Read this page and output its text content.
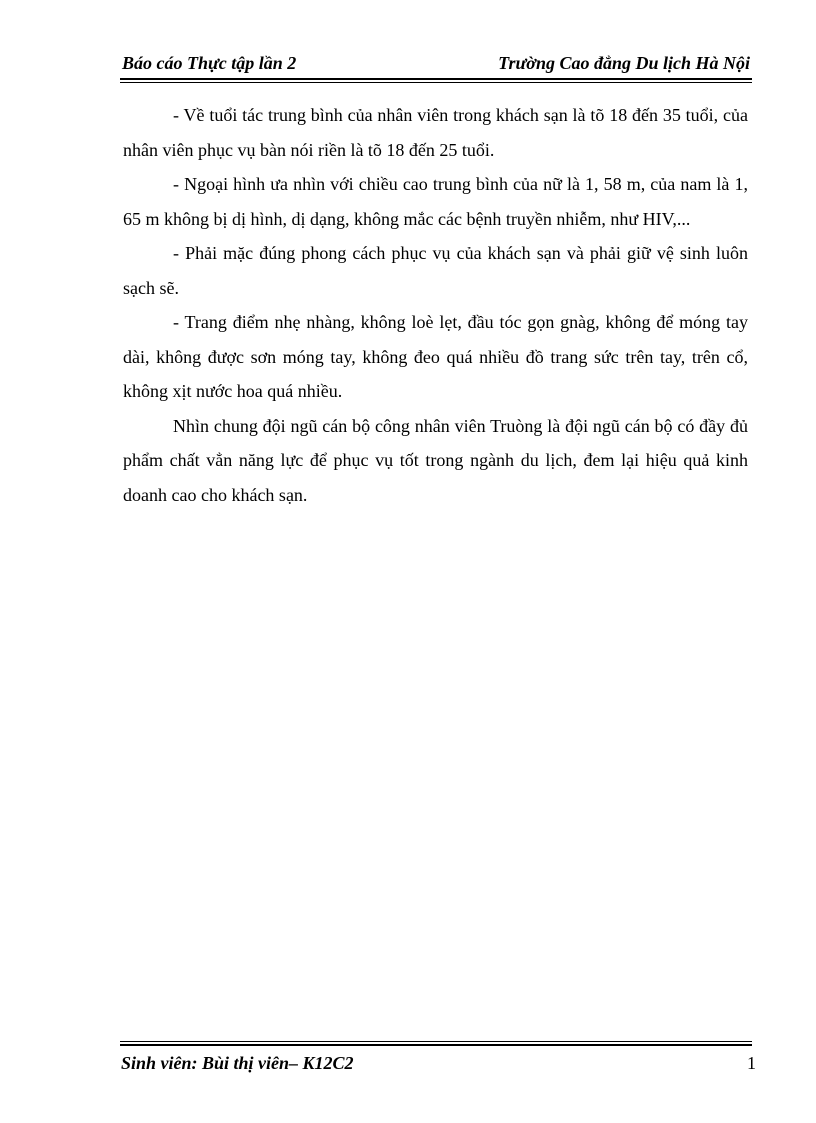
Báo cáo Thực tập lần 2	Trường Cao đẳng Du lịch Hà Nội

- Về tuổi tác trung bình của nhân viên trong khách sạn là tõ 18 đến 35 tuổi, của nhân viên phục vụ bàn nói riền là tõ 18 đến 25 tuổi.

- Ngoại hình ưa nhìn với chiều cao trung bình của nữ là 1, 58 m, của nam là 1, 65 m không bị dị hình, dị dạng, không mắc các bệnh truyền nhiễm, như HIV,...

- Phải mặc đúng phong cách phục vụ của khách sạn và phải giữ vệ sinh luôn sạch sẽ.

- Trang điểm nhẹ nhàng, không loè lẹt, đầu tóc gọn gnàg, không để móng tay dài, không được sơn móng tay, không đeo quá nhiều đồ trang sức trên tay, trên cổ, không xịt nước hoa quá nhiều.

Nhìn chung đội ngũ cán bộ công nhân viên Truòng là đội ngũ cán bộ có đầy đủ phẩm chất vẳn năng lực để phục vụ tốt trong ngành du lịch, đem lại hiệu quả kinh doanh cao cho khách sạn.

Sinh viên: Bùi thị viên– K12C2	1
